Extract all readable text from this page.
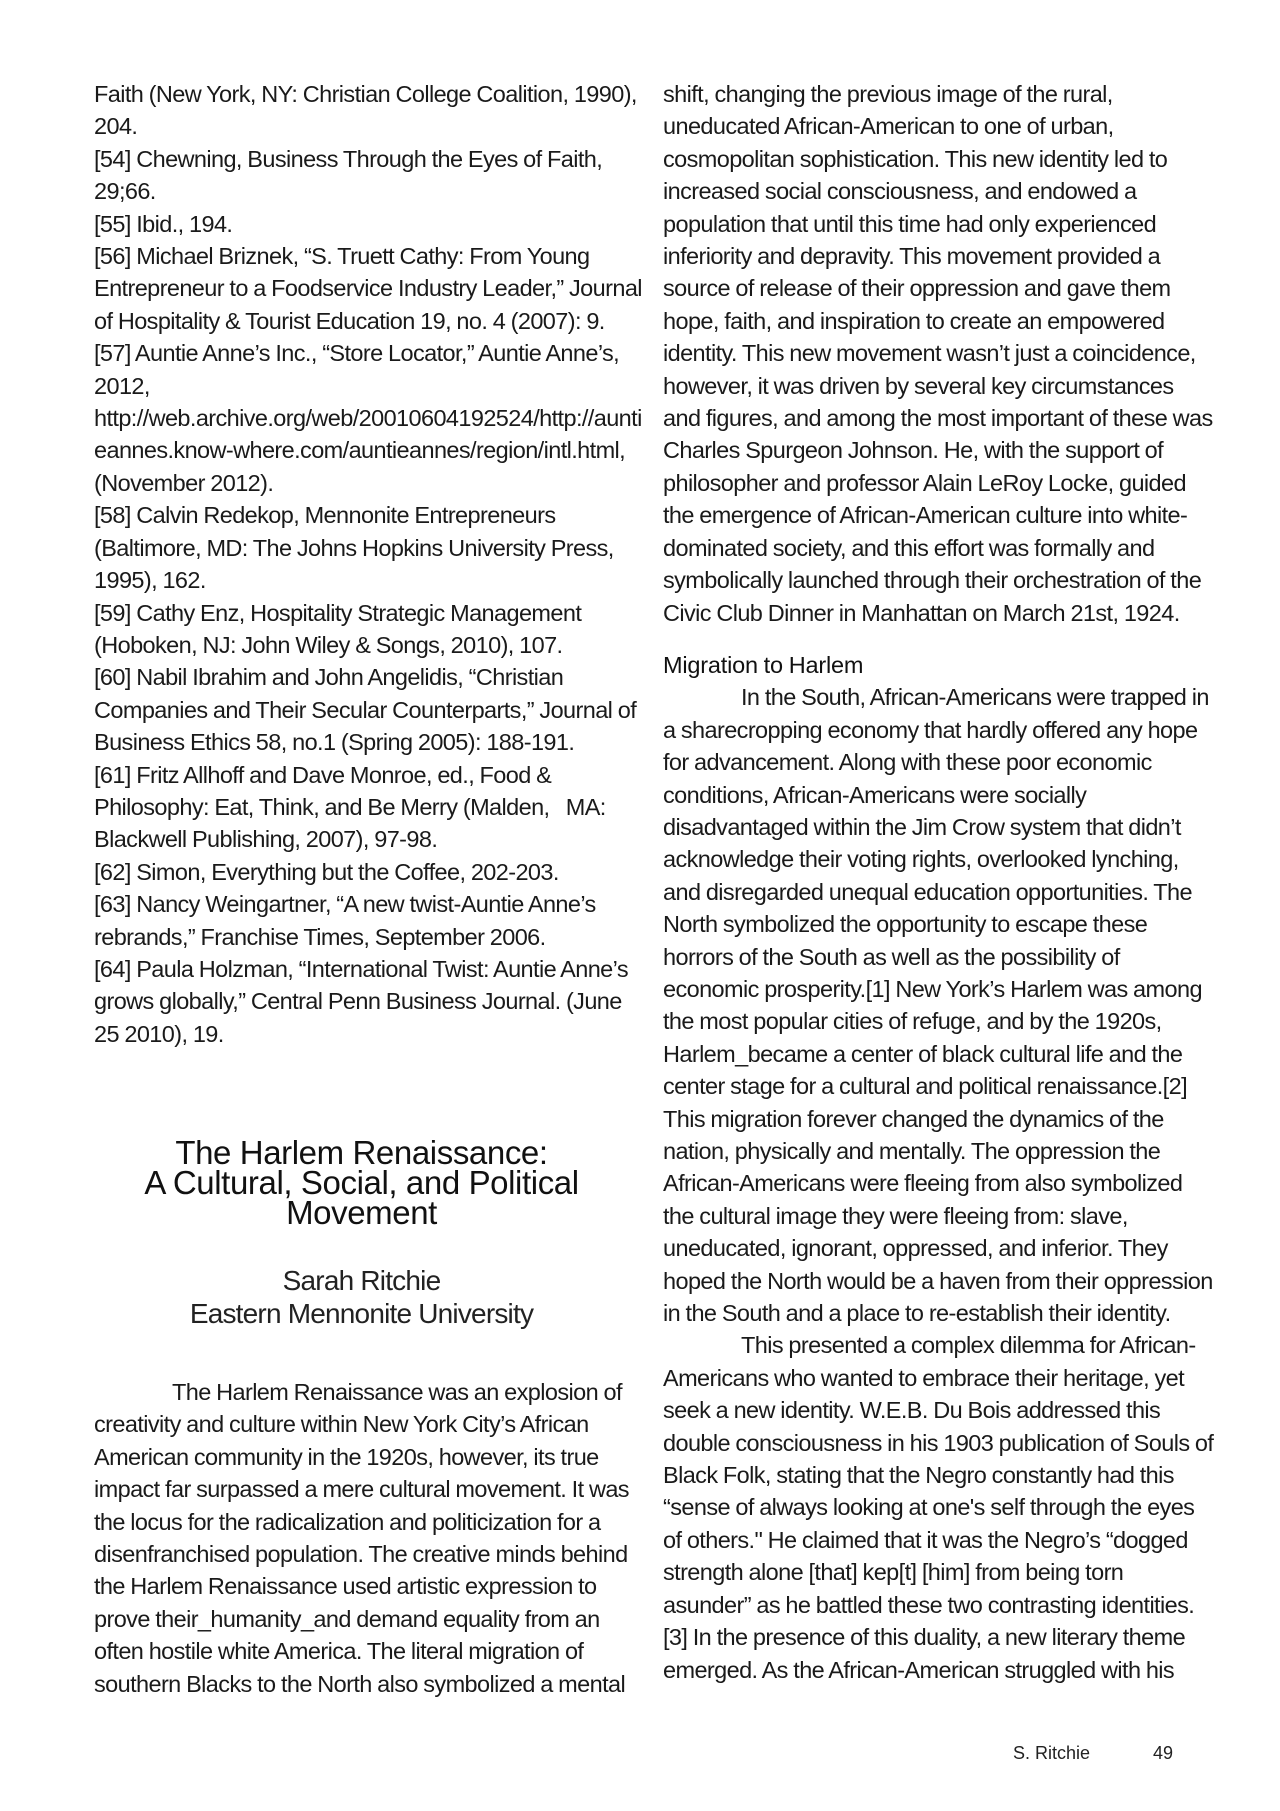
Faith (New York, NY: Christian College Coalition, 1990),
204.
[54] Chewning, Business Through the Eyes of Faith,
29;66.
[55] Ibid., 194.
[56] Michael Briznek, “S. Truett Cathy: From Young
Entrepreneur to a Foodservice Industry Leader,” Journal
of Hospitality & Tourist Education 19, no. 4 (2007): 9.
[57] Auntie Anne’s Inc., “Store Locator,” Auntie Anne’s,
2012,
http://web.archive.org/web/20010604192524/http://aunti
eannes.know-where.com/auntieannes/region/intl.html,
(November 2012).
[58] Calvin Redekop, Mennonite Entrepreneurs
(Baltimore, MD: The Johns Hopkins University Press,
1995), 162.
[59] Cathy Enz, Hospitality Strategic Management
(Hoboken, NJ: John Wiley & Songs, 2010), 107.
[60] Nabil Ibrahim and John Angelidis, “Christian
Companies and Their Secular Counterparts,” Journal of
Business Ethics 58, no.1 (Spring 2005): 188-191.
[61] Fritz Allhoff and Dave Monroe, ed., Food &
Philosophy: Eat, Think, and Be Merry (Malden,   MA:
Blackwell Publishing, 2007), 97-98.
[62] Simon, Everything but the Coffee, 202-203.
[63] Nancy Weingartner, “A new twist-Auntie Anne’s
rebrands,” Franchise Times, September 2006.
[64] Paula Holzman, “International Twist: Auntie Anne’s
grows globally,” Central Penn Business Journal. (June
25 2010), 19.
The Harlem Renaissance:
A Cultural, Social, and Political
Movement
Sarah Ritchie
Eastern Mennonite University
The Harlem Renaissance was an explosion of
creativity and culture within New York City’s African
American community in the 1920s, however, its true
impact far surpassed a mere cultural movement. It was
the locus for the radicalization and politicization for a
disenfranchised population. The creative minds behind
the Harlem Renaissance used artistic expression to
prove their_humanity_and demand equality from an
often hostile white America. The literal migration of
southern Blacks to the North also symbolized a mental
shift, changing the previous image of the rural,
uneducated African-American to one of urban,
cosmopolitan sophistication. This new identity led to
increased social consciousness, and endowed a
population that until this time had only experienced
inferiority and depravity. This movement provided a
source of release of their oppression and gave them
hope, faith, and inspiration to create an empowered
identity. This new movement wasn’t just a coincidence,
however, it was driven by several key circumstances
and figures, and among the most important of these was
Charles Spurgeon Johnson. He, with the support of
philosopher and professor Alain LeRoy Locke, guided
the emergence of African-American culture into white-
dominated society, and this effort was formally and
symbolically launched through their orchestration of the
Civic Club Dinner in Manhattan on March 21st, 1924.
Migration to Harlem
In the South, African-Americans were trapped in
a sharecropping economy that hardly offered any hope
for advancement. Along with these poor economic
conditions, African-Americans were socially
disadvantaged within the Jim Crow system that didn’t
acknowledge their voting rights, overlooked lynching,
and disregarded unequal education opportunities. The
North symbolized the opportunity to escape these
horrors of the South as well as the possibility of
economic prosperity.[1] New York’s Harlem was among
the most popular cities of refuge, and by the 1920s,
Harlem_became a center of black cultural life and the
center stage for a cultural and political renaissance.[2]
This migration forever changed the dynamics of the
nation, physically and mentally. The oppression the
African-Americans were fleeing from also symbolized
the cultural image they were fleeing from: slave,
uneducated, ignorant, oppressed, and inferior. They
hoped the North would be a haven from their oppression
in the South and a place to re-establish their identity.
This presented a complex dilemma for African-
Americans who wanted to embrace their heritage, yet
seek a new identity. W.E.B. Du Bois addressed this
double consciousness in his 1903 publication of Souls of
Black Folk, stating that the Negro constantly had this
“sense of always looking at one's self through the eyes
of others." He claimed that it was the Negro’s “dogged
strength alone [that] kep[t] [him] from being torn
asunder” as he battled these two contrasting identities.
[3] In the presence of this duality, a new literary theme
emerged. As the African-American struggled with his
S. Ritchie	49
